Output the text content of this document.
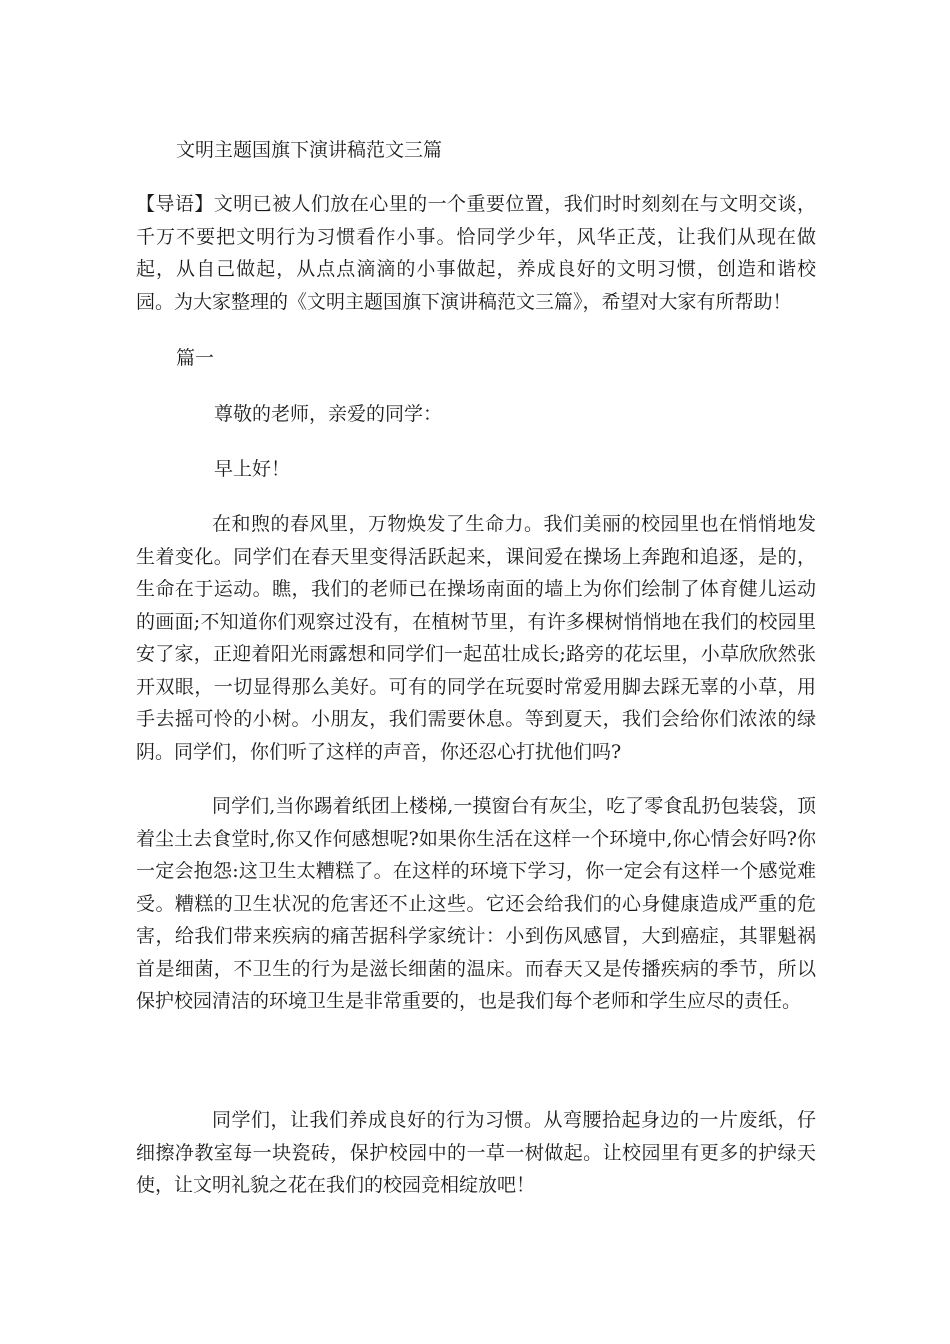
文明主题国旗下演讲稿范文三篇

【导语】文明已被人们放在心里的一个重要位置，我们时时刻刻在与文明交谈，千万不要把文明行为习惯看作小事。恰同学少年，风华正茂，让我们从现在做起，从自己做起，从点点滴滴的小事做起，养成良好的文明习惯，创造和谐校园。为大家整理的《文明主题国旗下演讲稿范文三篇》，希望对大家有所帮助！

篇一

尊敬的老师，亲爱的同学：

早上好！

在和煦的春风里，万物焕发了生命力。我们美丽的校园里也在悄悄地发生着变化。同学们在春天里变得活跃起来，课间爱在操场上奔跑和追逐，是的，生命在于运动。瞧，我们的老师已在操场南面的墙上为你们绘制了体育健儿运动的画面;不知道你们观察过没有，在植树节里，有许多棵树悄悄地在我们的校园里安了家，正迎着阳光雨露想和同学们一起茁壮成长;路旁的花坛里，小草欣欣然张开双眼，一切显得那么美好。可有的同学在玩耍时常爱用脚去踩无辜的小草，用手去摇可怜的小树。小朋友，我们需要休息。等到夏天，我们会给你们浓浓的绿阴。同学们，你们听了这样的声音，你还忍心打扰他们吗?

同学们,当你踢着纸团上楼梯,一摸窗台有灰尘，吃了零食乱扔包装袋，顶着尘土去食堂时,你又作何感想呢?如果你生活在这样一个环境中,你心情会好吗?你一定会抱怨:这卫生太糟糕了。在这样的环境下学习，你一定会有这样一个感觉难受。糟糕的卫生状况的危害还不止这些。它还会给我们的心身健康造成严重的危害，给我们带来疾病的痛苦据科学家统计：小到伤风感冒，大到癌症，其罪魁祸首是细菌，不卫生的行为是滋长细菌的温床。而春天又是传播疾病的季节，所以保护校园清洁的环境卫生是非常重要的，也是我们每个老师和学生应尽的责任。

同学们，让我们养成良好的行为习惯。从弯腰拾起身边的一片废纸，仔细擦净教室每一块瓷砖，保护校园中的一草一树做起。让校园里有更多的护绿天使，让文明礼貌之花在我们的校园竞相绽放吧！
